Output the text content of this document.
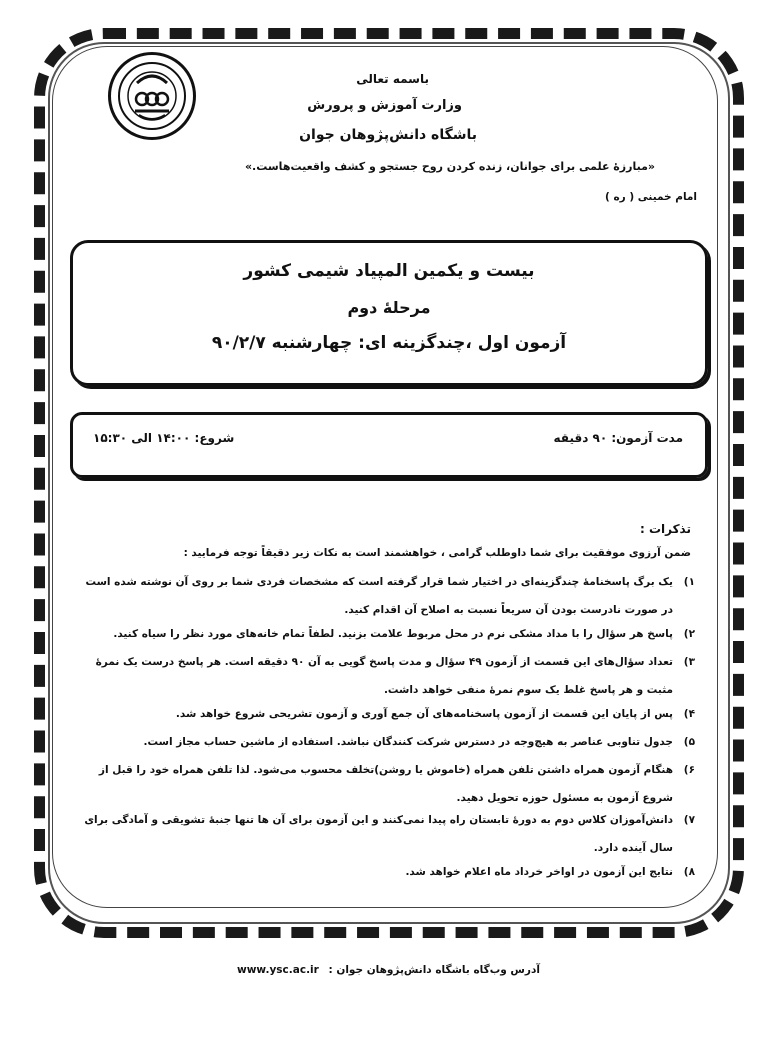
باسمه تعالی
وزارت آموزش و پرورش
باشگاه دانش‌پژوهان جوان
«مبارزهٔ علمی برای جوانان، زنده کردن روح جستجو و کشف واقعیت‌هاست.»
امام خمینی ( ره )
بیست و یکمین المپیاد شیمی کشور
مرحلهٔ دوم
آزمون اول ،چندگزینه ای: چهارشنبه ۹۰/۲/۷
مدت آزمون: ۹۰ دقیقه
شروع: ۱۴:۰۰ الی ۱۵:۳۰
تذکرات :
ضمن آرزوی موفقیت برای شما داوطلب گرامی ، خواهشمند است به نکات زیر دقیقاً توجه فرمایید :
۱)
یک برگ پاسخنامهٔ چندگزینه‌ای در اختیار شما قرار گرفته است که مشخصات فردی شما بر روی آن نوشته شده است در صورت نادرست بودن آن سریعاً نسبت به اصلاح آن اقدام کنید.
۲)
پاسخ هر سؤال را با مداد مشکی نرم در محل مربوط علامت بزنید. لطفاً تمام خانه‌های مورد نظر را سیاه کنید.
۳)
تعداد سؤال‌های این قسمت از آزمون ۴۹ سؤال و مدت پاسخ گویی به آن ۹۰ دقیقه است. هر پاسخ درست یک نمرهٔ مثبت و هر پاسخ غلط یک سوم نمرهٔ منفی خواهد داشت.
۴)
پس از پایان این قسمت از آزمون پاسخنامه‌های آن جمع آوری و آزمون تشریحی شروع خواهد شد.
۵)
جدول تناوبی عناصر به هیچ‌وجه در دسترس شرکت کنندگان نباشد. استفاده از ماشین حساب مجاز است.
۶)
هنگام آزمون همراه داشتن تلفن همراه (خاموش یا روشن)تخلف محسوب می‌شود. لذا تلفن همراه خود را قبل از شروع آزمون به مسئول حوزه تحویل دهید.
۷)
دانش‌آموزان کلاس دوم به دورهٔ تابستان راه پیدا نمی‌کنند و این آزمون برای آن ها تنها جنبهٔ تشویقی و آمادگی برای سال آینده دارد.
۸)
نتایج این آزمون در اواخر خرداد ماه اعلام خواهد شد.
آدرس وب‌گاه باشگاه دانش‌پژوهان جوان : www.ysc.ac.ir
